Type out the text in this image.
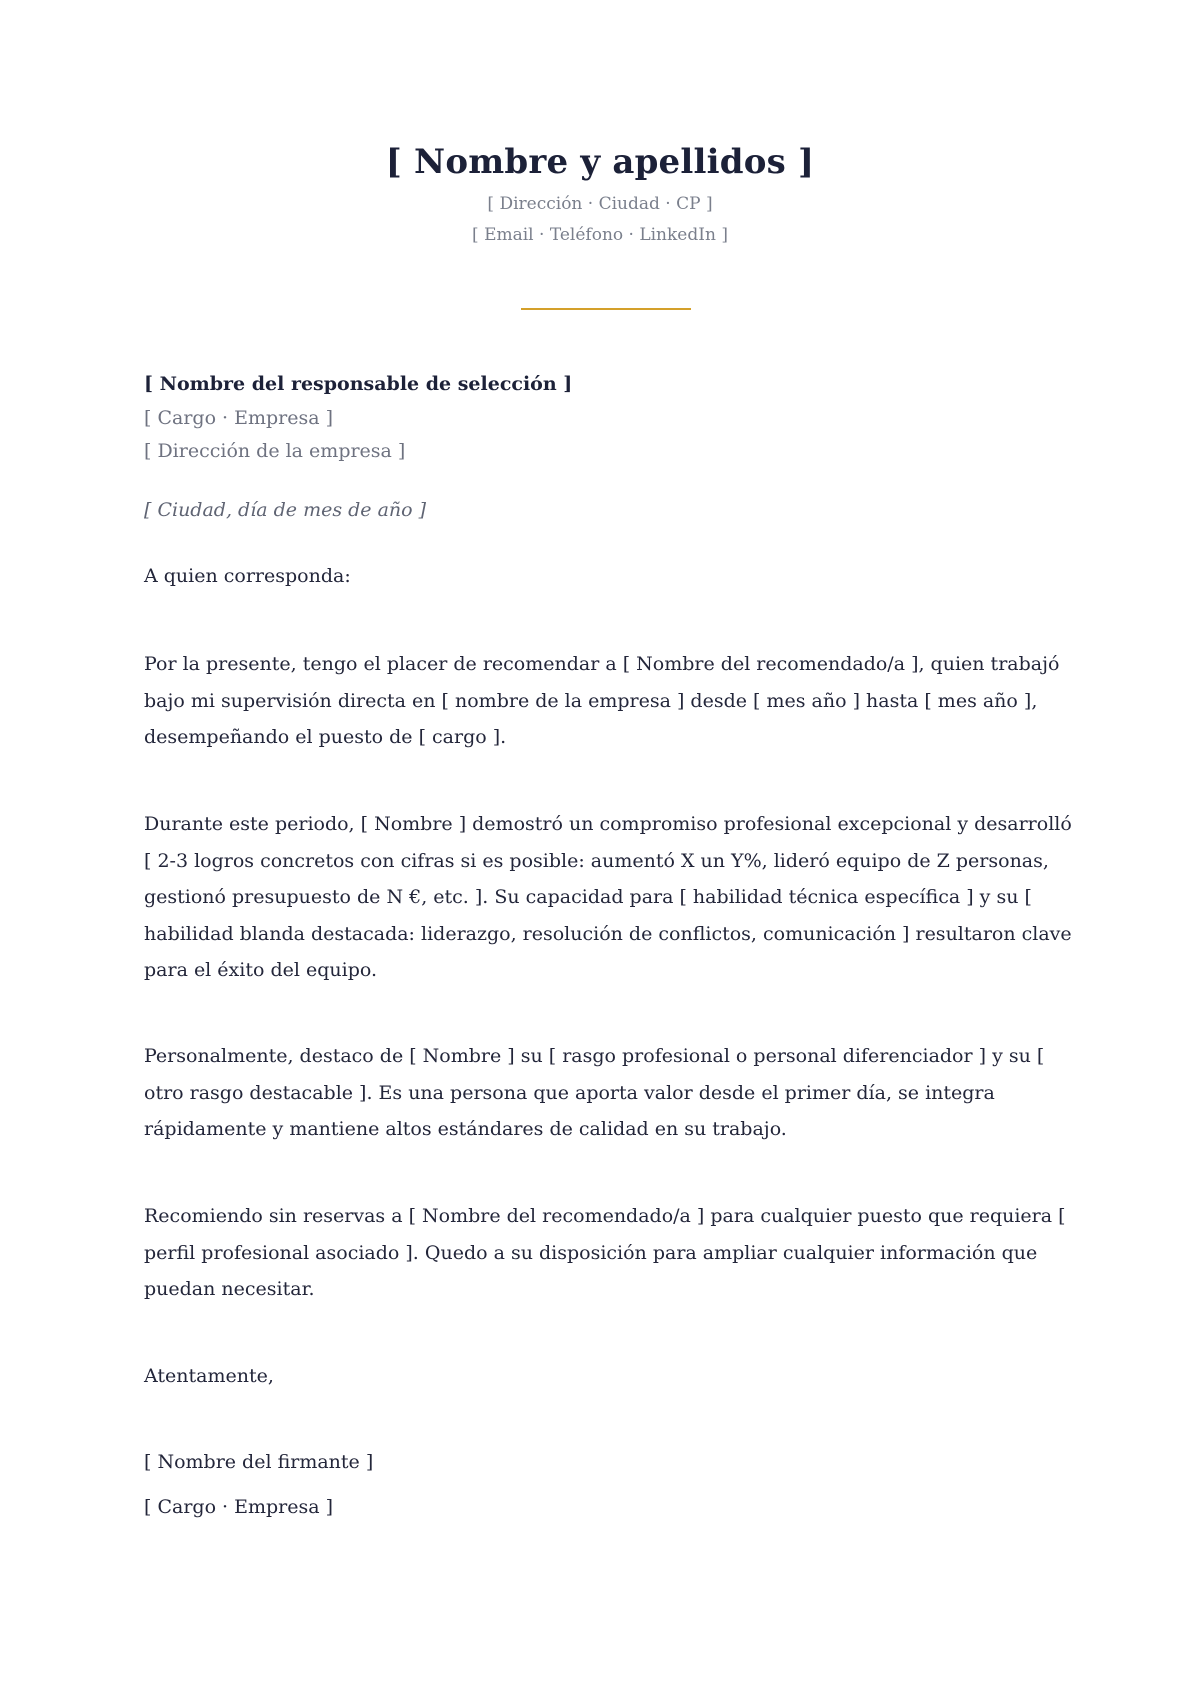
[ Nombre y apellidos ]

[ Dirección · Ciudad · CP ]

[ Email · Teléfono · LinkedIn ]

[ Nombre del responsable de selección ]

[ Cargo · Empresa ]

[ Dirección de la empresa ]

[ Ciudad, día de mes de año ]

A quien corresponda:

Por la presente, tengo el placer de recomendar a [ Nombre del recomendado/a ], quien trabajó bajo mi supervisión directa en [ nombre de la empresa ] desde [ mes año ] hasta [ mes año ], desempeñando el puesto de [ cargo ].

Durante este periodo, [ Nombre ] demostró un compromiso profesional excepcional y desarrolló [ 2-3 logros concretos con cifras si es posible: aumentó X un Y%, lideró equipo de Z personas, gestionó presupuesto de N €, etc. ]. Su capacidad para [ habilidad técnica específica ] y su [ habilidad blanda destacada: liderazgo, resolución de conflictos, comunicación ] resultaron clave para el éxito del equipo.

Personalmente, destaco de [ Nombre ] su [ rasgo profesional o personal diferenciador ] y su [ otro rasgo destacable ]. Es una persona que aporta valor desde el primer día, se integra rápidamente y mantiene altos estándares de calidad en su trabajo.

Recomiendo sin reservas a [ Nombre del recomendado/a ] para cualquier puesto que requiera [ perfil profesional asociado ]. Quedo a su disposición para ampliar cualquier información que puedan necesitar.

Atentamente,

[ Nombre del firmante ]

[ Cargo · Empresa ]
